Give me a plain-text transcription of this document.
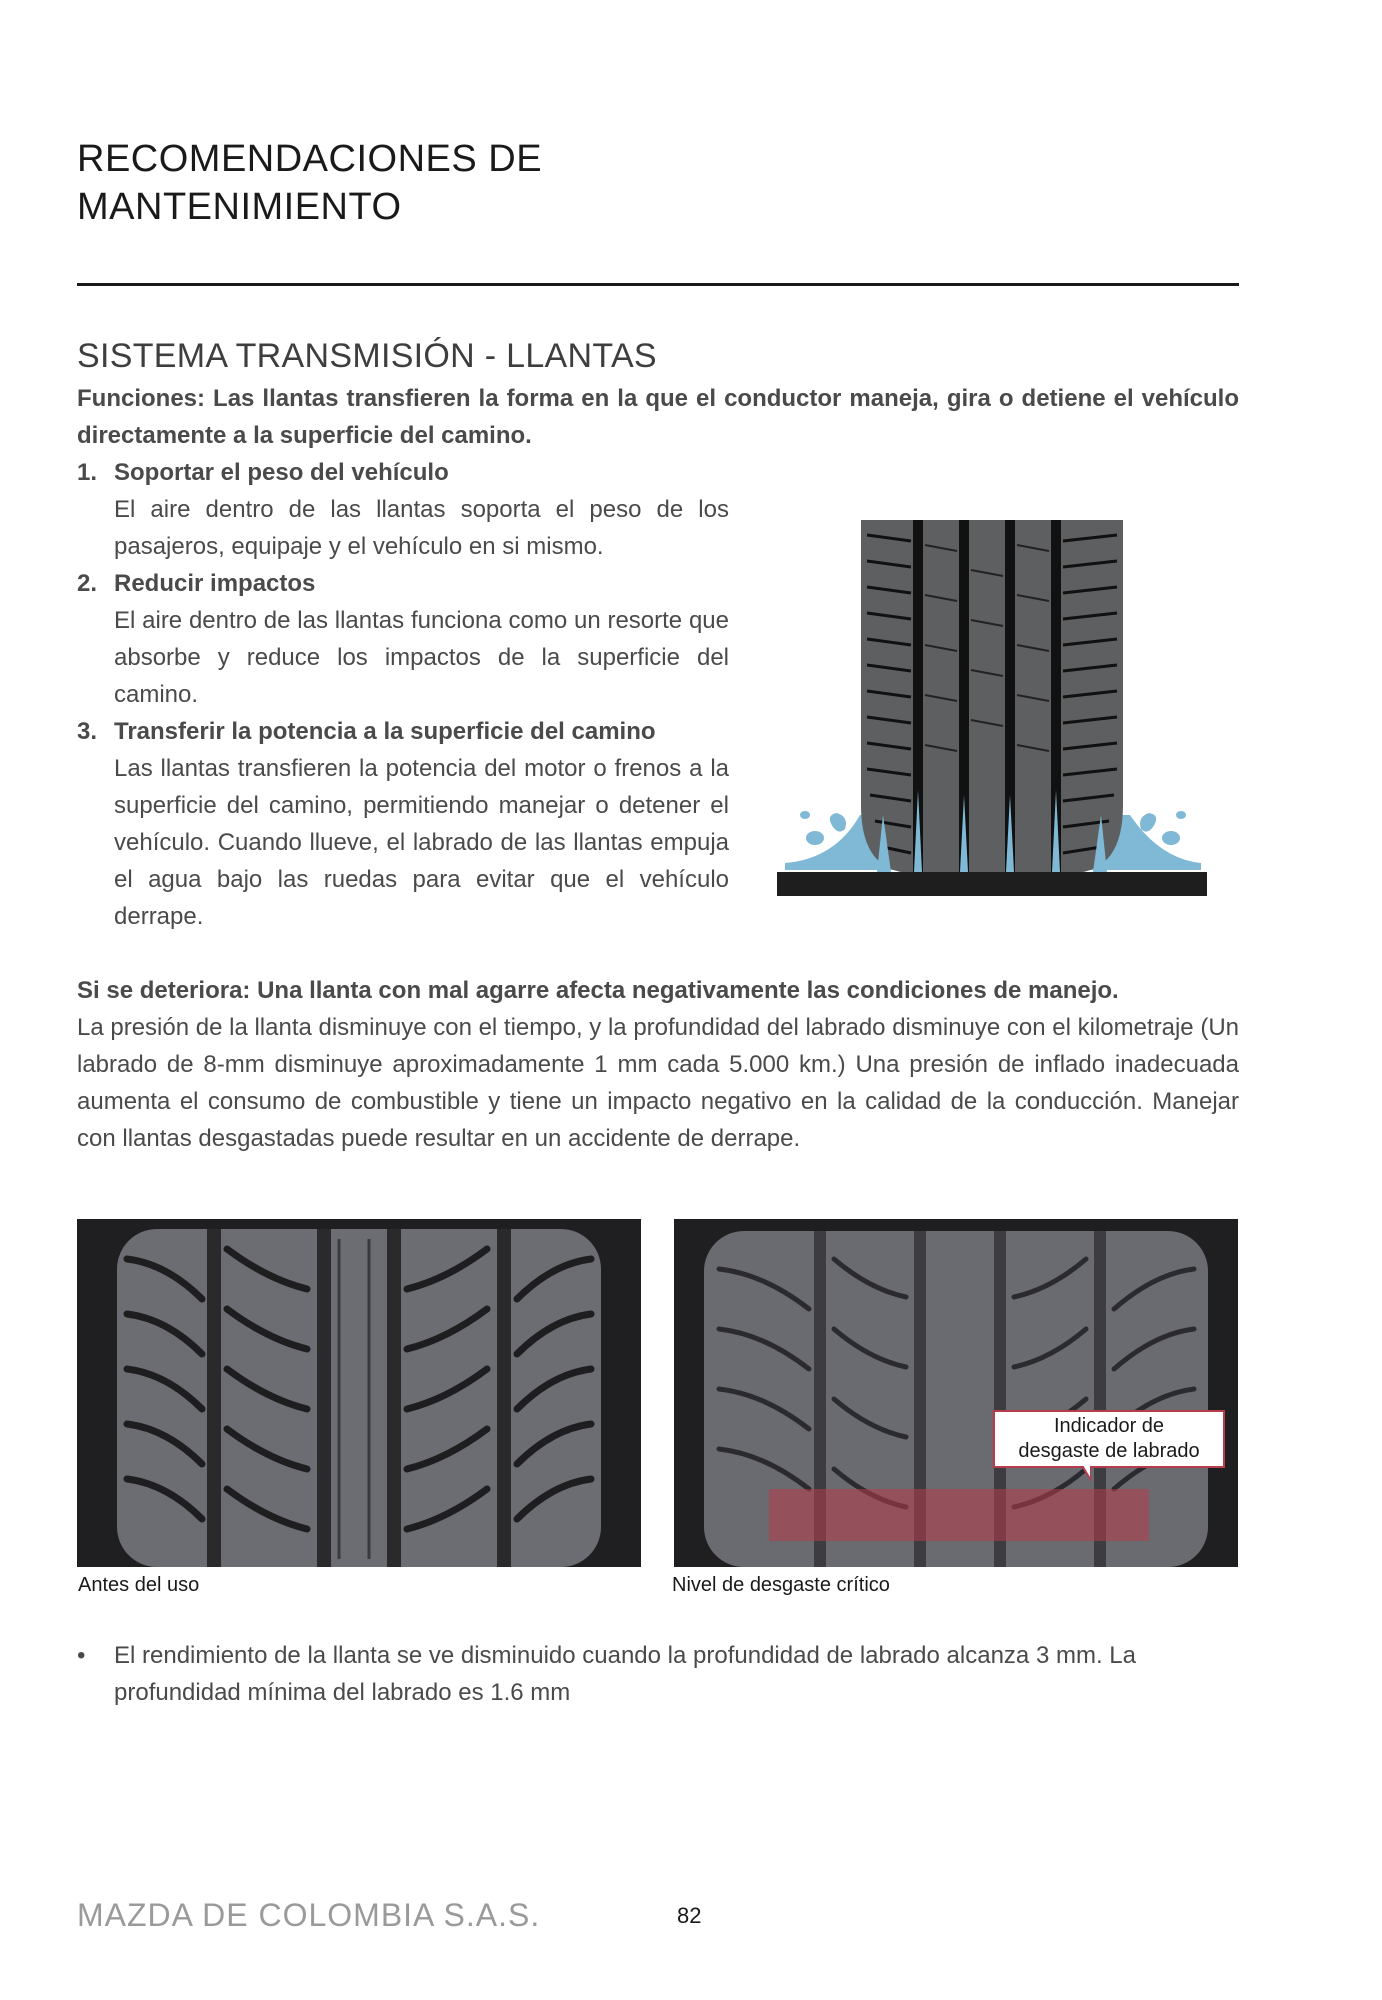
RECOMENDACIONES DE
MANTENIMIENTO
SISTEMA TRANSMISIÓN - LLANTAS
Funciones: Las llantas transfieren la forma en la que el conductor maneja, gira o detiene el vehículo directamente a la superficie del camino.
1. Soportar el peso del vehículo
El aire dentro de las llantas soporta el peso de los pasajeros, equipaje y el vehículo en si mismo.
2. Reducir impactos
El aire dentro de las llantas funciona como un resorte que absorbe y reduce los impactos de la superficie del camino.
3. Transferir la potencia a la superficie del camino
Las llantas transfieren la potencia del motor o frenos a la superficie del camino, permitiendo manejar o detener el vehículo. Cuando llueve, el labrado de las llantas empuja el agua bajo las ruedas para evitar que el vehículo derrape.
Si se deteriora: Una llanta con mal agarre afecta negativamente las condiciones de manejo.
La presión de la llanta disminuye con el tiempo, y la profundidad del labrado disminuye con el kilometraje (Un labrado de 8-mm disminuye aproximadamente 1 mm cada 5.000 km.) Una presión de inflado inadecuada aumenta el consumo de combustible y tiene un impacto negativo en la calidad de la conducción. Manejar con llantas desgastadas puede resultar en un accidente de derrape.
Indicador de
desgaste de labrado
Antes del uso	Nivel de desgaste crítico
• El rendimiento de la llanta se ve disminuido cuando la profundidad de labrado alcanza 3 mm. La profundidad mínima del labrado es 1.6 mm
MAZDA DE COLOMBIA S.A.S.	82
